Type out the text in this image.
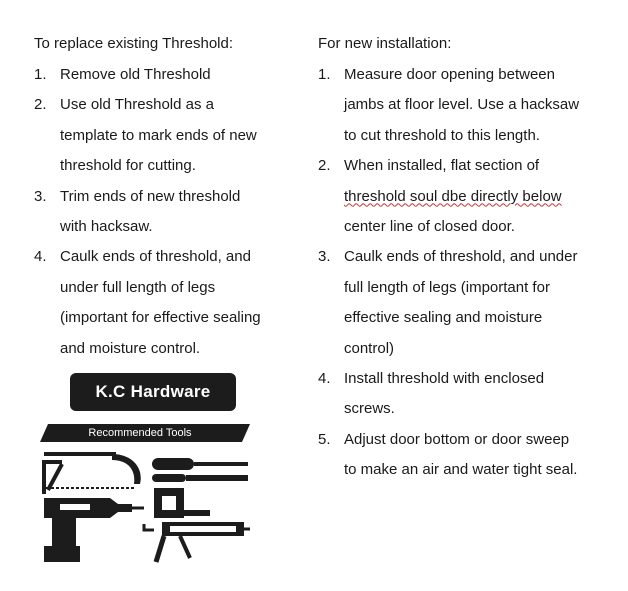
To replace existing Threshold:
1. Remove old Threshold
2. Use old Threshold as a
template to mark ends of new
threshold for cutting.
3. Trim ends of new threshold
with hacksaw.
4. Caulk ends of threshold, and
under full length of legs
(important for effective sealing
and moisture control.
For new installation:
1. Measure door opening between
jambs at floor level. Use a hacksaw
to cut threshold to this length.
2. When installed, flat section of
threshold soul dbe directly below
center line of closed door.
3. Caulk ends of threshold, and under
full length of legs (important for
effective sealing and moisture
control)
4. Install threshold with enclosed
screws.
5. Adjust door bottom or door sweep
to make an air and water tight seal.
K.C Hardware
Recommended Tools
